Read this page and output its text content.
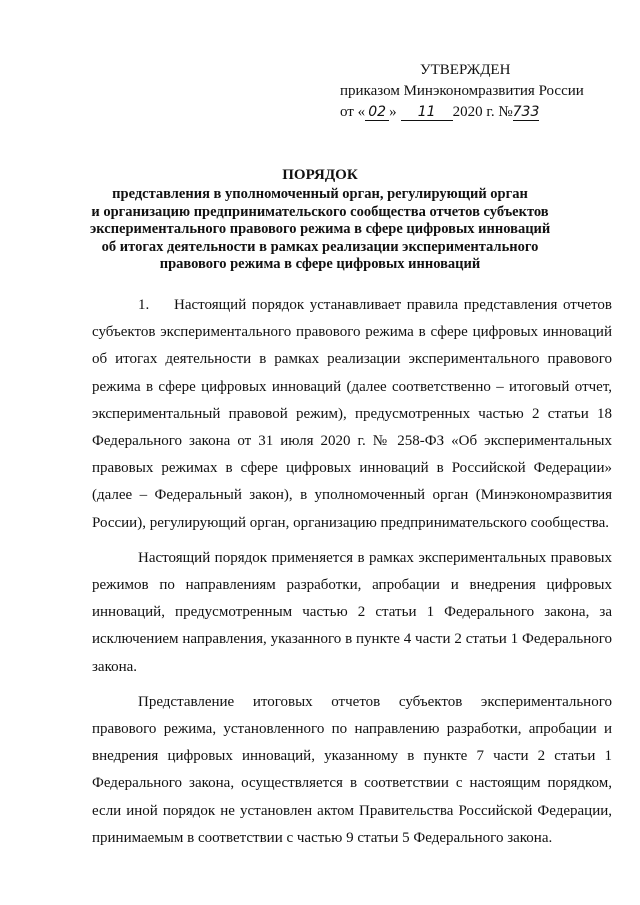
УТВЕРЖДЕН
приказом Минэкономразвития России
от « 02 » 11 2020 г. №733
ПОРЯДОК
представления в уполномоченный орган, регулирующий орган
и организацию предпринимательского сообщества отчетов субъектов
экспериментального правового режима в сфере цифровых инноваций
об итогах деятельности в рамках реализации экспериментального
правового режима в сфере цифровых инноваций

1. Настоящий порядок устанавливает правила представления отчетов субъектов экспериментального правового режима в сфере цифровых инноваций об итогах деятельности в рамках реализации экспериментального правового режима в сфере цифровых инноваций (далее соответственно – итоговый отчет, экспериментальный правовой режим), предусмотренных частью 2 статьи 18 Федерального закона от 31 июля 2020 г. № 258-ФЗ «Об экспериментальных правовых режимах в сфере цифровых инноваций в Российской Федерации» (далее – Федеральный закон), в уполномоченный орган (Минэкономразвития России), регулирующий орган, организацию предпринимательского сообщества.

Настоящий порядок применяется в рамках экспериментальных правовых режимов по направлениям разработки, апробации и внедрения цифровых инноваций, предусмотренным частью 2 статьи 1 Федерального закона, за исключением направления, указанного в пункте 4 части 2 статьи 1 Федерального закона.

Представление итоговых отчетов субъектов экспериментального правового режима, установленного по направлению разработки, апробации и внедрения цифровых инноваций, указанному в пункте 7 части 2 статьи 1 Федерального закона, осуществляется в соответствии с настоящим порядком, если иной порядок не установлен актом Правительства Российской Федерации, принимаемым в соответствии с частью 9 статьи 5 Федерального закона.
